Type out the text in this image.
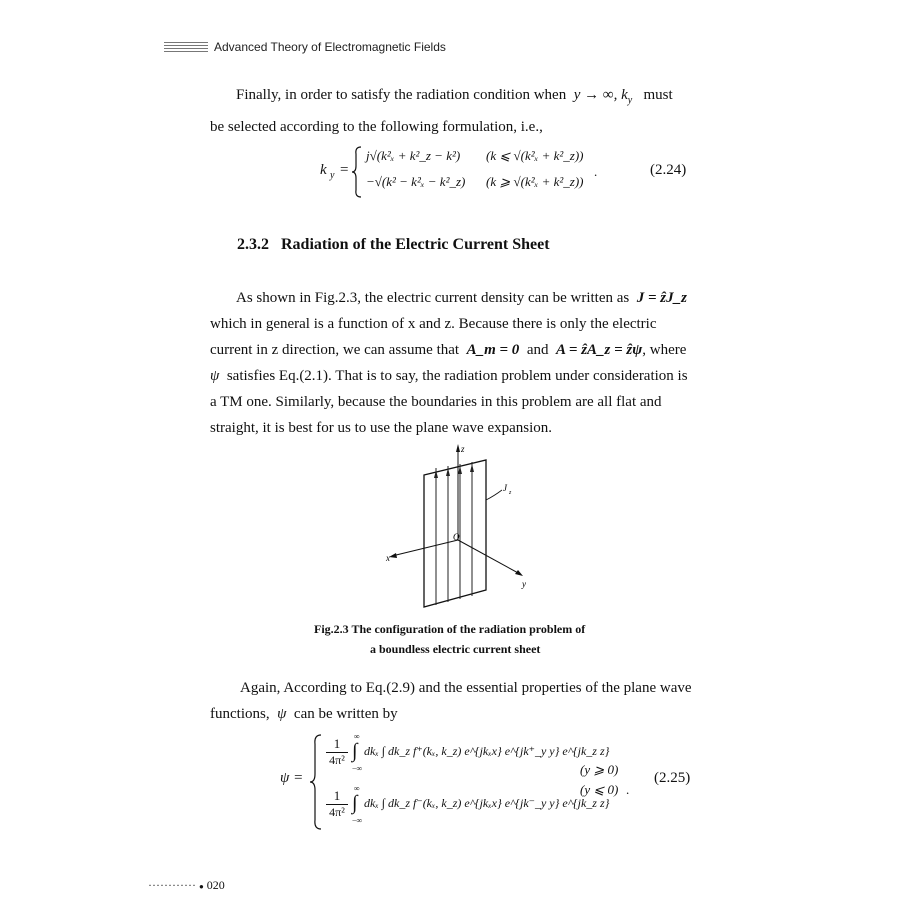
Advanced Theory of Electromagnetic Fields
Finally, in order to satisfy the radiation condition when y → ∞, $k_y$ must
be selected according to the following formulation, i.e.,
k y =
j√(k²ₓ + k²_z − k²) (k ⩽ √(k²ₓ + k²_z))
−√(k² − k²ₓ − k²_z) (k ⩾ √(k²ₓ + k²_z))
.	(2.24)
2.3.2 Radiation of the Electric Current Sheet
As shown in Fig.2.3, the electric current density can be written as J = ẑJ_z
which in general is a function of x and z. Because there is only the electric
current in z direction, we can assume that A_m = 0 and A = ẑA_z = ẑψ, where
ψ satisfies Eq.(2.1). That is to say, the radiation problem under consideration is
a TM one. Similarly, because the boundaries in this problem are all flat and
straight, it is best for us to use the plane wave expansion.
z
x
y
O
J z
Fig.2.3 The configuration of the radiation problem of
a boundless electric current sheet
Again, According to Eq.(2.9) and the essential properties of the plane wave
functions, ψ can be written by
ψ =
$\frac{1}{\text{4π²}}$ ∞
∫
−∞
dkₓ ∫ dk_z f⁺(kₓ, k_z) e^{jkₓx} e^{jk⁺_y y} e^{jk_z z}
$\frac{1}{\text{4π²}}$ ∞
∫
−∞
dkₓ ∫ dk_z f⁻(kₓ, k_z) e^{jkₓx} e^{jk⁻_y y} e^{jk_z z}
(y ⩾ 0)
(y ⩽ 0) .
(2.25)
············ ● 020
